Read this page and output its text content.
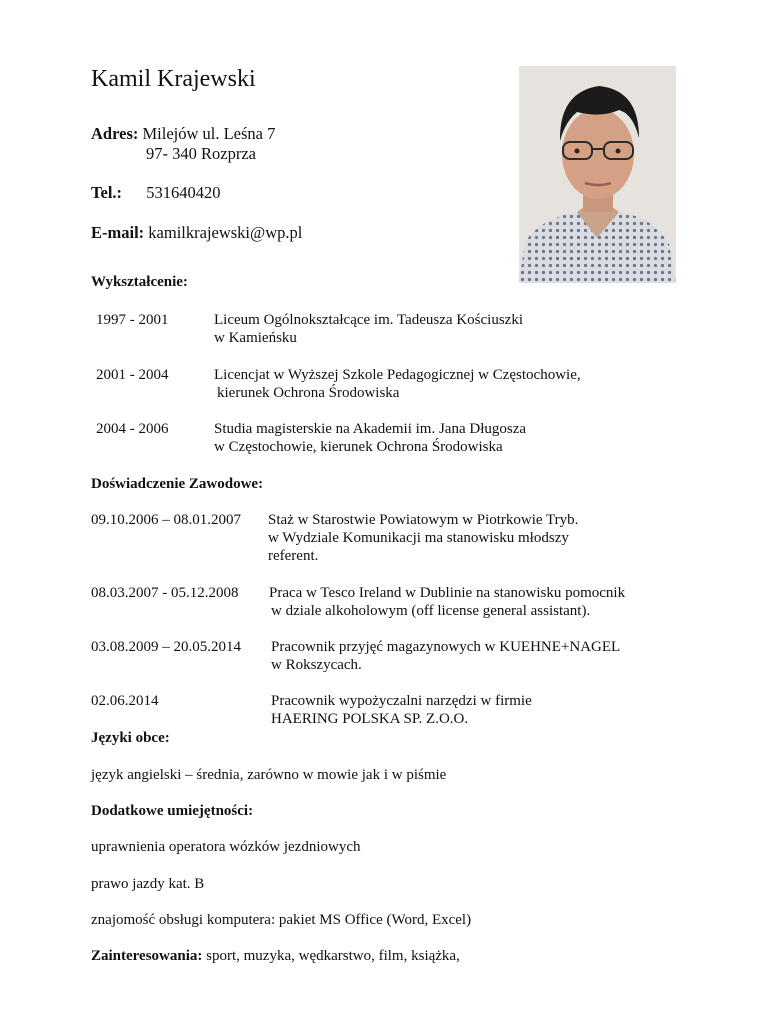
Kamil Krajewski
Adres: Milejów ul. Leśna 7
97- 340 Rozprza
Tel.: 531640420
E-mail: kamilkrajewski@wp.pl
Wykształcenie:
1997 - 2001	Liceum Ogólnokształcące im. Tadeusza Kościuszki
w Kamieńsku
2001 - 2004	Licencjat w Wyższej Szkole Pedagogicznej w Częstochowie,
kierunek Ochrona Środowiska
2004 - 2006	Studia magisterskie na Akademii im. Jana Długosza
w Częstochowie, kierunek Ochrona Środowiska
Doświadczenie Zawodowe:
09.10.2006 – 08.01.2007 Staż w Starostwie Powiatowym w Piotrkowie Tryb.
w Wydziale Komunikacji ma stanowisku młodszy
referent.
08.03.2007 - 05.12.2008 Praca w Tesco Ireland w Dublinie na stanowisku pomocnik
w dziale alkoholowym (off license general assistant).
03.08.2009 – 20.05.2014 Pracownik przyjęć magazynowych w KUEHNE+NAGEL
w Rokszycach.
02.06.2014	Pracownik wypożyczalni narzędzi w firmie
HAERING POLSKA SP. Z.O.O.
Języki obce:
język angielski – średnia, zarówno w mowie jak i w piśmie
Dodatkowe umiejętności:
uprawnienia operatora wózków jezdniowych
prawo jazdy kat. B
znajomość obsługi komputera: pakiet MS Office (Word, Excel)
Zainteresowania: sport, muzyka, wędkarstwo, film, książka,
